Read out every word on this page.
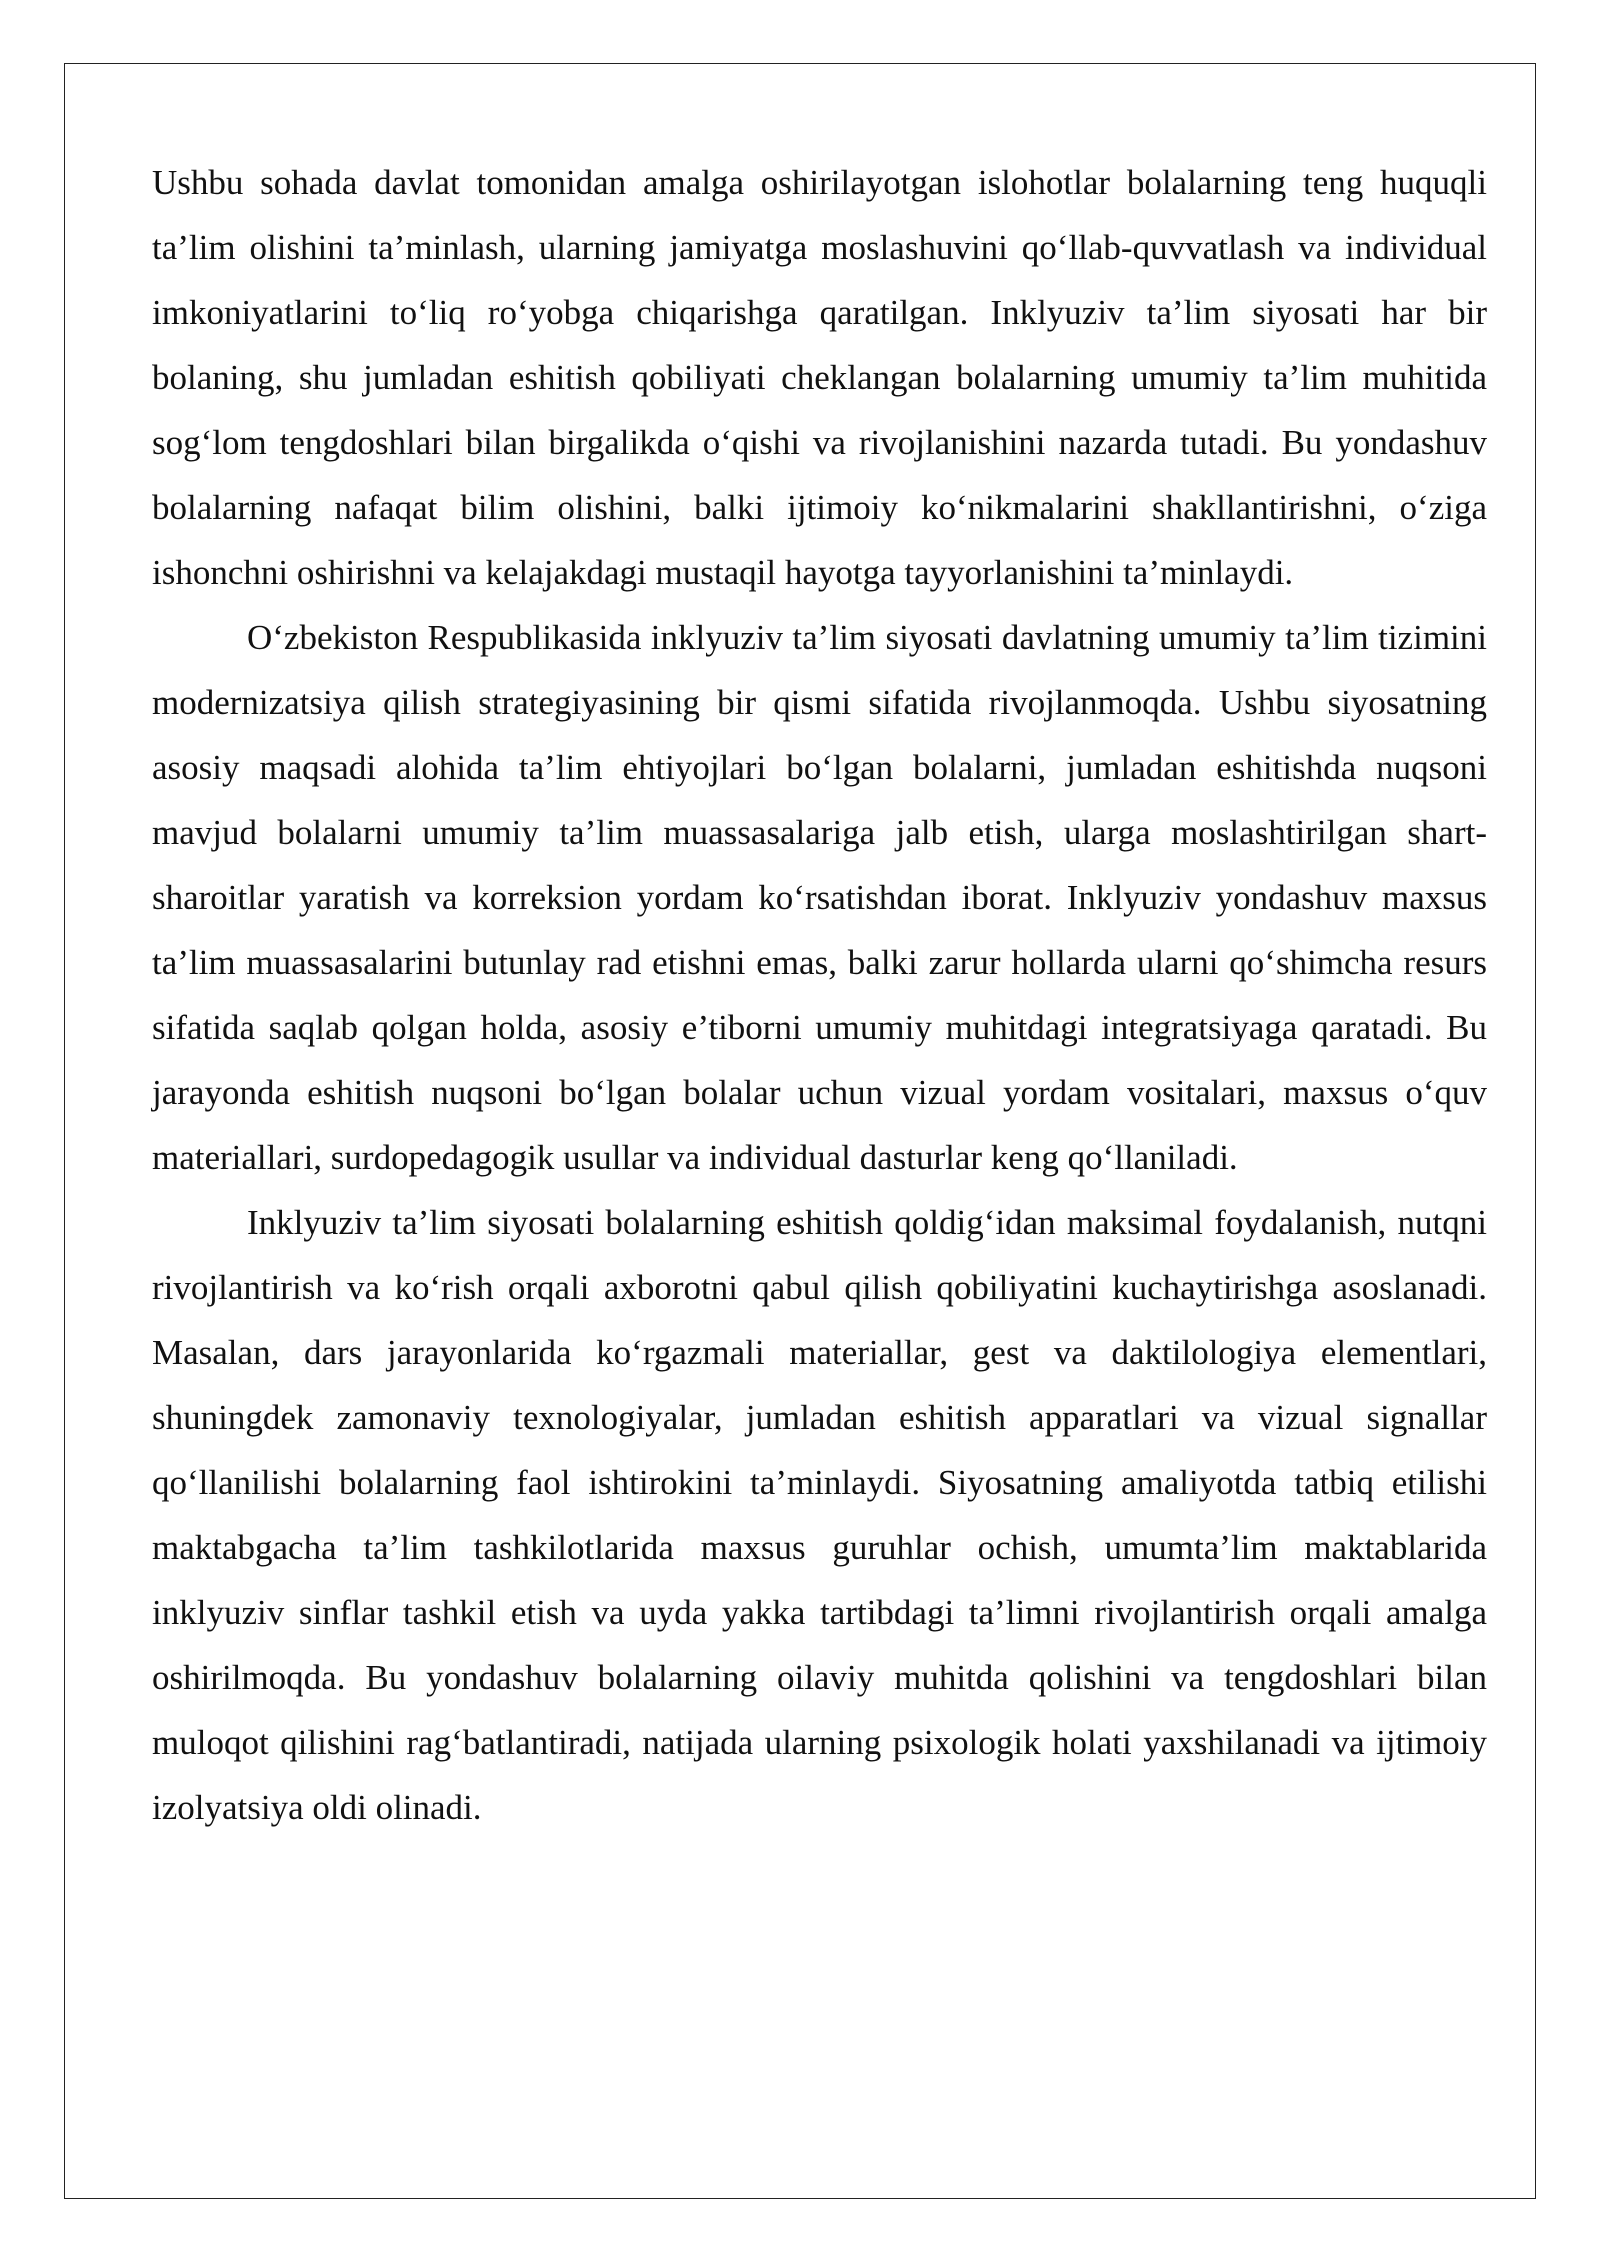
Ushbu sohada davlat tomonidan amalga oshirilayotgan islohotlar bolalarning teng huquqli ta’lim olishini ta’minlash, ularning jamiyatga moslashuvini qo‘llab-quvvatlash va individual imkoniyatlarini to‘liq ro‘yobga chiqarishga qaratilgan. Inklyuziv ta’lim siyosati har bir bolaning, shu jumladan eshitish qobiliyati cheklangan bolalarning umumiy ta’lim muhitida sog‘lom tengdoshlari bilan birgalikda o‘qishi va rivojlanishini nazarda tutadi. Bu yondashuv bolalarning nafaqat bilim olishini, balki ijtimoiy ko‘nikmalarini shakllantirishni, o‘ziga ishonchni oshirishni va kelajakdagi mustaqil hayotga tayyorlanishini ta’minlaydi.

O‘zbekiston Respublikasida inklyuziv ta’lim siyosati davlatning umumiy ta’lim tizimini modernizatsiya qilish strategiyasining bir qismi sifatida rivojlanmoqda. Ushbu siyosatning asosiy maqsadi alohida ta’lim ehtiyojlari bo‘lgan bolalarni, jumladan eshitishda nuqsoni mavjud bolalarni umumiy ta’lim muassasalariga jalb etish, ularga moslashtirilgan shart-sharoitlar yaratish va korreksion yordam ko‘rsatishdan iborat. Inklyuziv yondashuv maxsus ta’lim muassasalarini butunlay rad etishni emas, balki zarur hollarda ularni qo‘shimcha resurs sifatida saqlab qolgan holda, asosiy e’tiborni umumiy muhitdagi integratsiyaga qaratadi. Bu jarayonda eshitish nuqsoni bo‘lgan bolalar uchun vizual yordam vositalari, maxsus o‘quv materiallari, surdopedagogik usullar va individual dasturlar keng qo‘llaniladi.

Inklyuziv ta’lim siyosati bolalarning eshitish qoldig‘idan maksimal foydalanish, nutqni rivojlantirish va ko‘rish orqali axborotni qabul qilish qobiliyatini kuchaytirishga asoslanadi. Masalan, dars jarayonlarida ko‘rgazmali materiallar, gest va daktilologiya elementlari, shuningdek zamonaviy texnologiyalar, jumladan eshitish apparatlari va vizual signallar qo‘llanilishi bolalarning faol ishtirokini ta’minlaydi. Siyosatning amaliyotda tatbiq etilishi maktabgacha ta’lim tashkilotlarida maxsus guruhlar ochish, umumta’lim maktablarida inklyuziv sinflar tashkil etish va uyda yakka tartibdagi ta’limni rivojlantirish orqali amalga oshirilmoqda. Bu yondashuv bolalarning oilaviy muhitda qolishini va tengdoshlari bilan muloqot qilishini rag‘batlantiradi, natijada ularning psixologik holati yaxshilanadi va ijtimoiy izolyatsiya oldi olinadi.
